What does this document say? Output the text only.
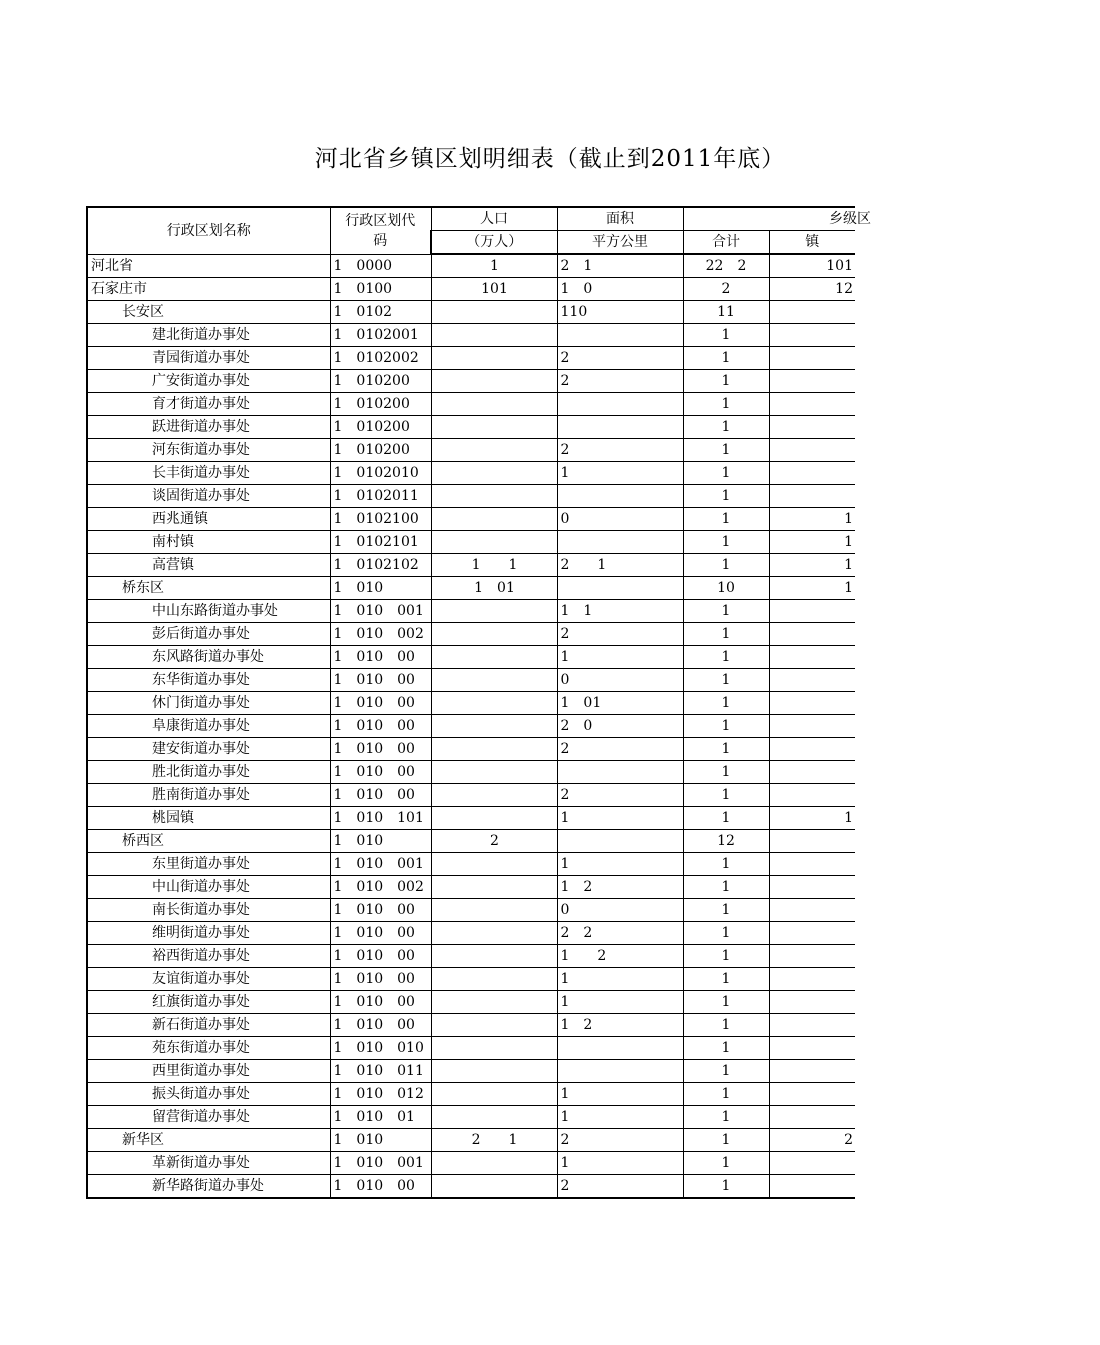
河北省乡镇区划明细表（截止到2011年底）
行政区划名称	行政区划代
码	人口	面积	乡级区	
		（万人）	平方公里	合计	镇
河北省	1　0000	1	2　1	22　2	101
石家庄市	1　0100	101	1　0	2	12
长安区	1　0102		110	11	
建北街道办事处	1　0102001			1	
青园街道办事处	1　0102002		2	1	
广安街道办事处	1　010200		2	1	
育才街道办事处	1　010200			1	
跃进街道办事处	1　010200			1	
河东街道办事处	1　010200		2	1	
长丰街道办事处	1　0102010		1	1	
谈固街道办事处	1　0102011			1	
西兆通镇	1　0102100		0	1	1
南村镇	1　0102101			1	1
高营镇	1　0102102	1　　1	2　　1	1	1
桥东区	1　010	1　01		10	1
中山东路街道办事处	1　010　001		1　1	1	
彭后街道办事处	1　010　002		2	1	
东风路街道办事处	1　010　00		1	1	
东华街道办事处	1　010　00		0	1	
休门街道办事处	1　010　00		1　01	1	
阜康街道办事处	1　010　00		2　0	1	
建安街道办事处	1　010　00		2	1	
胜北街道办事处	1　010　00			1	
胜南街道办事处	1　010　00		2	1	
桃园镇	1　010　101		1	1	1
桥西区	1　010	2		12	
东里街道办事处	1　010　001		1	1	
中山街道办事处	1　010　002		1　2	1	
南长街道办事处	1　010　00		0	1	
维明街道办事处	1　010　00		2　2	1	
裕西街道办事处	1　010　00		1　　2	1	
友谊街道办事处	1　010　00		1	1	
红旗街道办事处	1　010　00		1	1	
新石街道办事处	1　010　00		1　2	1	
苑东街道办事处	1　010　010			1	
西里街道办事处	1　010　011			1	
振头街道办事处	1　010　012		1	1	
留营街道办事处	1　010　01		1	1	
新华区	1　010	2　　1	2	1	2
革新街道办事处	1　010　001		1	1	
新华路街道办事处	1　010　00		2	1	
